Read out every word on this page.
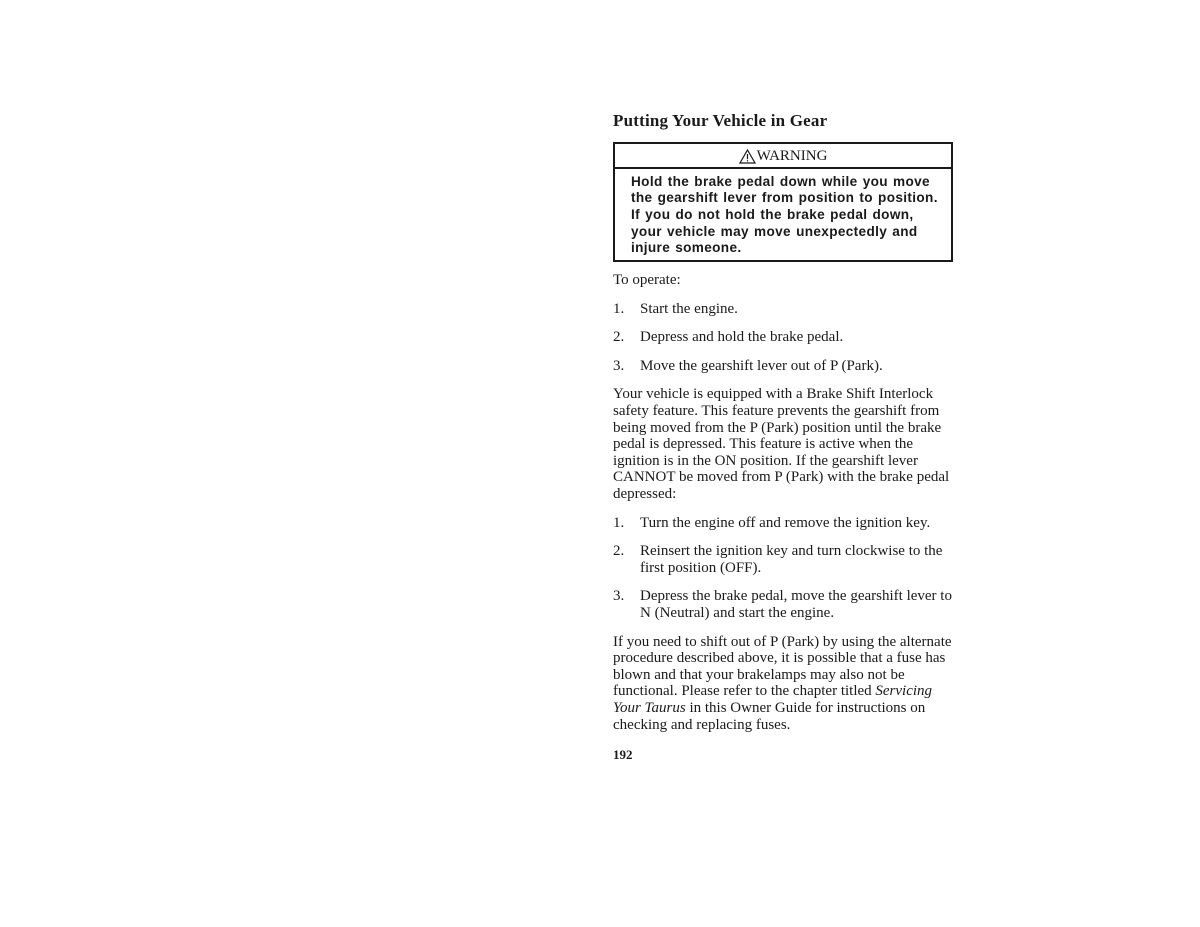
Putting Your Vehicle in Gear
WARNING
Hold the brake pedal down while you move the gearshift lever from position to position. If you do not hold the brake pedal down, your vehicle may move unexpectedly and injure someone.

To operate:

1.	Start the engine.
2.	Depress and hold the brake pedal.
3.	Move the gearshift lever out of P (Park).

Your vehicle is equipped with a Brake Shift Interlock safety feature. This feature prevents the gearshift from being moved from the P (Park) position until the brake pedal is depressed. This feature is active when the ignition is in the ON position. If the gearshift lever CANNOT be moved from P (Park) with the brake pedal depressed:

1.	Turn the engine off and remove the ignition key.
2.	Reinsert the ignition key and turn clockwise to the first position (OFF).
3.	Depress the brake pedal, move the gearshift lever to N (Neutral) and start the engine.

If you need to shift out of P (Park) by using the alternate procedure described above, it is possible that a fuse has blown and that your brakelamps may also not be functional. Please refer to the chapter titled Servicing Your Taurus in this Owner Guide for instructions on checking and replacing fuses.

192
